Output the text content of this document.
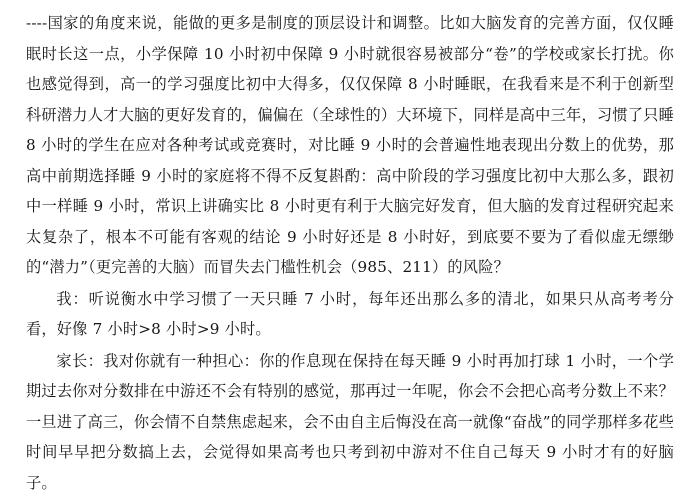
----国家的角度来说，能做的更多是制度的顶层设计和调整。比如大脑发育的完善方面，仅仅睡眠时长这一点，小学保障 10 小时初中保障 9 小时就很容易被部分“卷”的学校或家长打扰。你也感觉得到，高一的学习强度比初中大得多，仅仅保障 8 小时睡眠，在我看来是不利于创新型科研潜力人才大脑的更好发育的，偏偏在（全球性的）大环境下，同样是高中三年，习惯了只睡 8 小时的学生在应对各种考试或竞赛时，对比睡 9 小时的会普遍性地表现出分数上的优势，那高中前期选择睡 9 小时的家庭将不得不反复斟酌：高中阶段的学习强度比初中大那么多，跟初中一样睡 9 小时，常识上讲确实比 8 小时更有利于大脑完好发育，但大脑的发育过程研究起来太复杂了，根本不可能有客观的结论 9 小时好还是 8 小时好，到底要不要为了看似虚无缥缈的“潜力”（更完善的大脑）而冒失去门槛性机会（985、211）的风险？

我：听说衡水中学习惯了一天只睡 7 小时，每年还出那么多的清北，如果只从高考考分看，好像 7 小时>8 小时>9 小时。

家长：我对你就有一种担心：你的作息现在保持在每天睡 9 小时再加打球 1 小时，一个学期过去你对分数排在中游还不会有特别的感觉，那再过一年呢，你会不会把心高考分数上不来？一旦进了高三，你会情不自禁焦虑起来，会不由自主后悔没在高一就像“奋战”的同学那样多花些时间早早把分数搞上去，会觉得如果高考也只考到初中游对不住自己每天 9 小时才有的好脑子。
